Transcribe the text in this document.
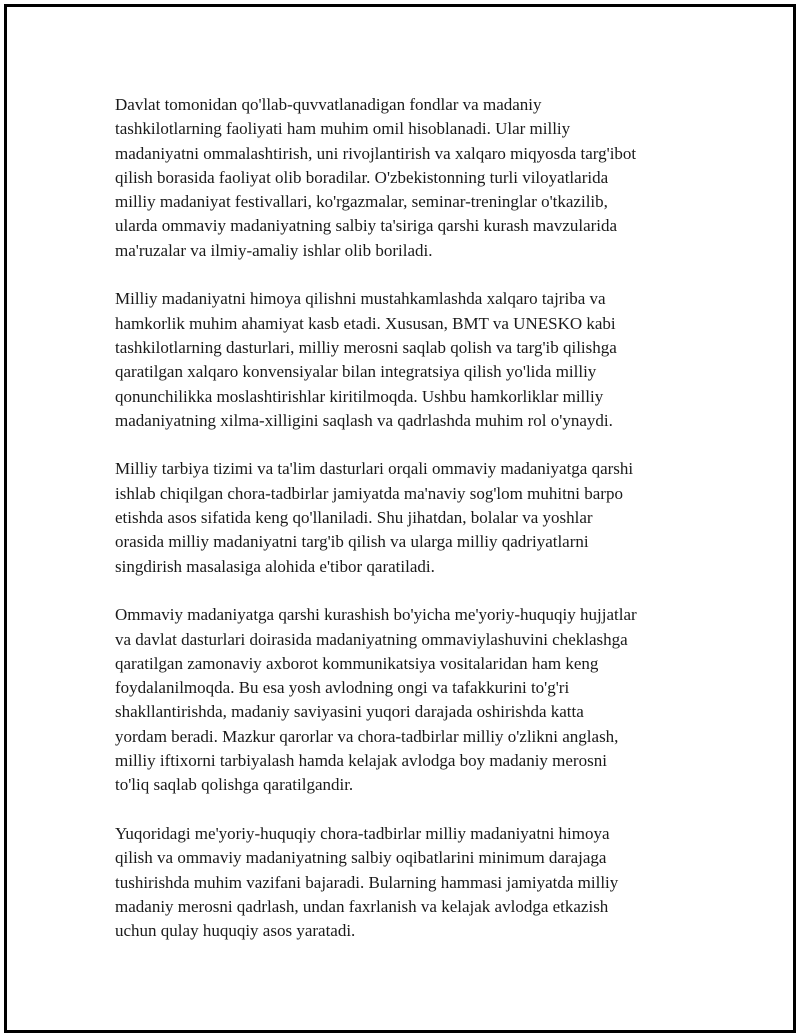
Davlat tomonidan qo'llab-quvvatlanadigan fondlar va madaniy
tashkilotlarning faoliyati ham muhim omil hisoblanadi. Ular milliy
madaniyatni ommalashtirish, uni rivojlantirish va xalqaro miqyosda targ'ibot
qilish borasida faoliyat olib boradilar. O'zbekistonning turli viloyatlarida
milliy madaniyat festivallari, ko'rgazmalar, seminar-treninglar o'tkazilib,
ularda ommaviy madaniyatning salbiy ta'siriga qarshi kurash mavzularida
ma'ruzalar va ilmiy-amaliy ishlar olib boriladi.

Milliy madaniyatni himoya qilishni mustahkamlashda xalqaro tajriba va
hamkorlik muhim ahamiyat kasb etadi. Xususan, BMT va UNESKO kabi
tashkilotlarning dasturlari, milliy merosni saqlab qolish va targ'ib qilishga
qaratilgan xalqaro konvensiyalar bilan integratsiya qilish yo'lida milliy
qonunchilikka moslashtirishlar kiritilmoqda. Ushbu hamkorliklar milliy
madaniyatning xilma-xilligini saqlash va qadrlashda muhim rol o'ynaydi.

Milliy tarbiya tizimi va ta'lim dasturlari orqali ommaviy madaniyatga qarshi
ishlab chiqilgan chora-tadbirlar jamiyatda ma'naviy sog'lom muhitni barpo
etishda asos sifatida keng qo'llaniladi. Shu jihatdan, bolalar va yoshlar
orasida milliy madaniyatni targ'ib qilish va ularga milliy qadriyatlarni
singdirish masalasiga alohida e'tibor qaratiladi.

Ommaviy madaniyatga qarshi kurashish bo'yicha me'yoriy-huquqiy hujjatlar
va davlat dasturlari doirasida madaniyatning ommaviylashuvini cheklashga
qaratilgan zamonaviy axborot kommunikatsiya vositalaridan ham keng
foydalanilmoqda. Bu esa yosh avlodning ongi va tafakkurini to'g'ri
shakllantirishda, madaniy saviyasini yuqori darajada oshirishda katta
yordam beradi. Mazkur qarorlar va chora-tadbirlar milliy o'zlikni anglash,
milliy iftixorni tarbiyalash hamda kelajak avlodga boy madaniy merosni
to'liq saqlab qolishga qaratilgandir.

Yuqoridagi me'yoriy-huquqiy chora-tadbirlar milliy madaniyatni himoya
qilish va ommaviy madaniyatning salbiy oqibatlarini minimum darajaga
tushirishda muhim vazifani bajaradi. Bularning hammasi jamiyatda milliy
madaniy merosni qadrlash, undan faxrlanish va kelajak avlodga etkazish
uchun qulay huquqiy asos yaratadi.
